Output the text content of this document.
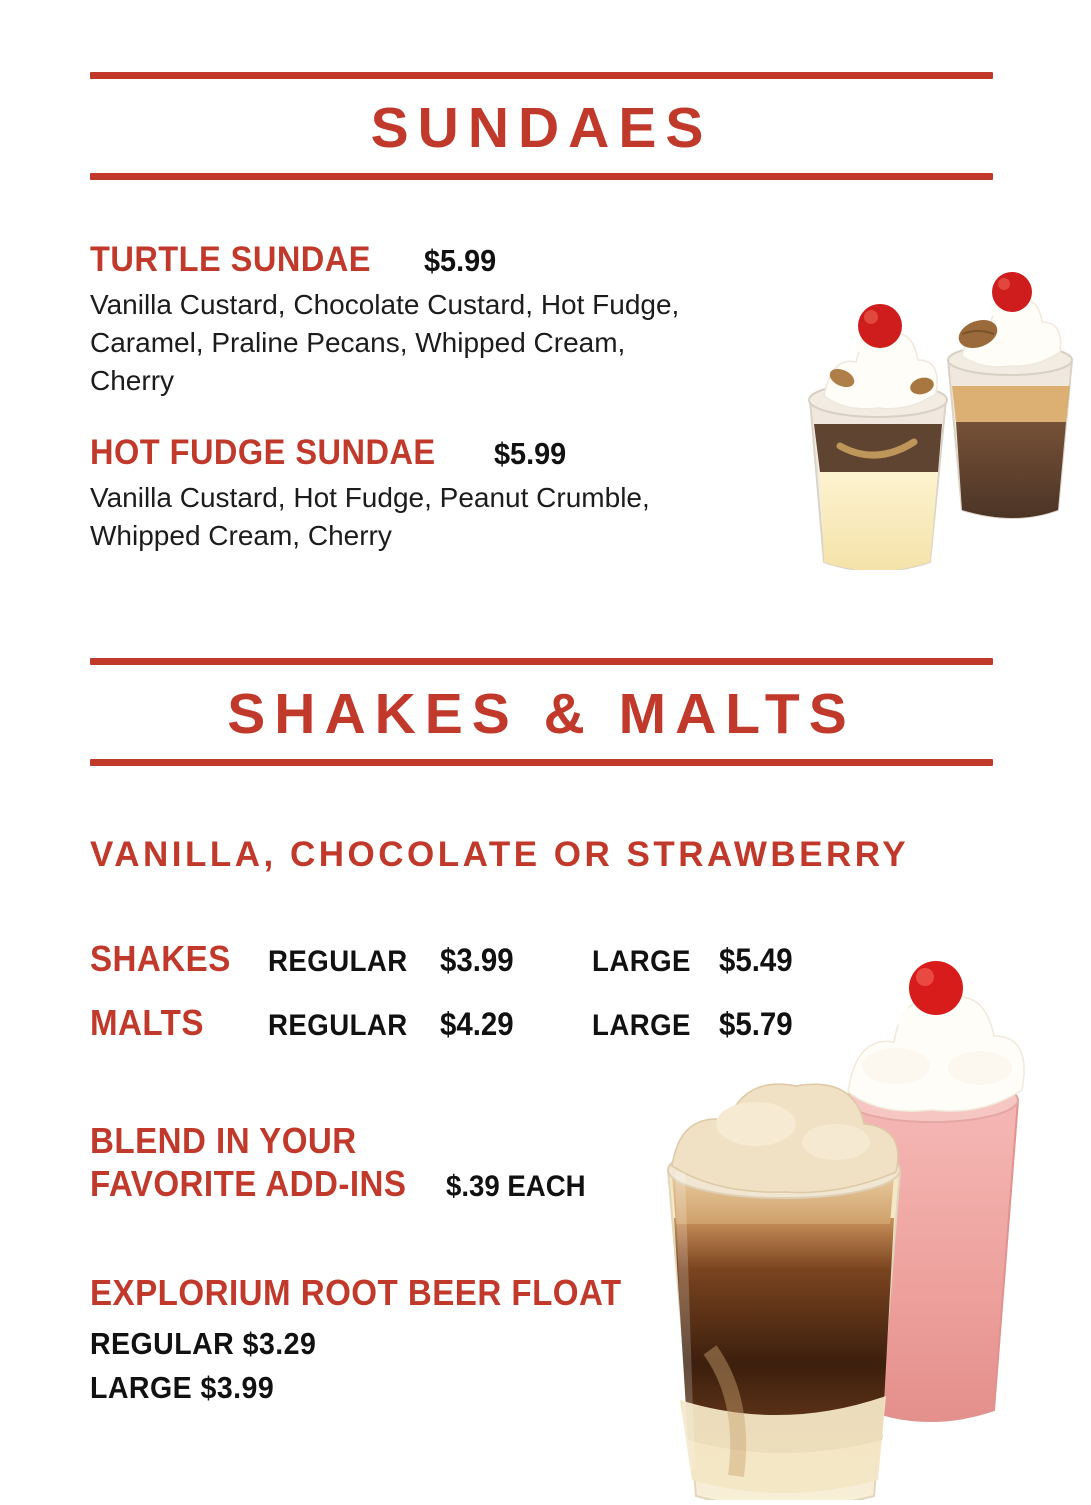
SUNDAES
TURTLE SUNDAE $5.99
Vanilla Custard, Chocolate Custard, Hot Fudge, Caramel, Praline Pecans, Whipped Cream, Cherry
HOT FUDGE SUNDAE $5.99
Vanilla Custard, Hot Fudge, Peanut Crumble, Whipped Cream, Cherry
SHAKES & MALTS
VANILLA, CHOCOLATE OR STRAWBERRY
SHAKES	REGULAR $3.99	LARGE $5.49
MALTS	REGULAR $4.29	LARGE $5.79
BLEND IN YOUR
FAVORITE ADD-INS $.39 EACH
EXPLORIUM ROOT BEER FLOAT
REGULAR $3.29
LARGE $3.99
